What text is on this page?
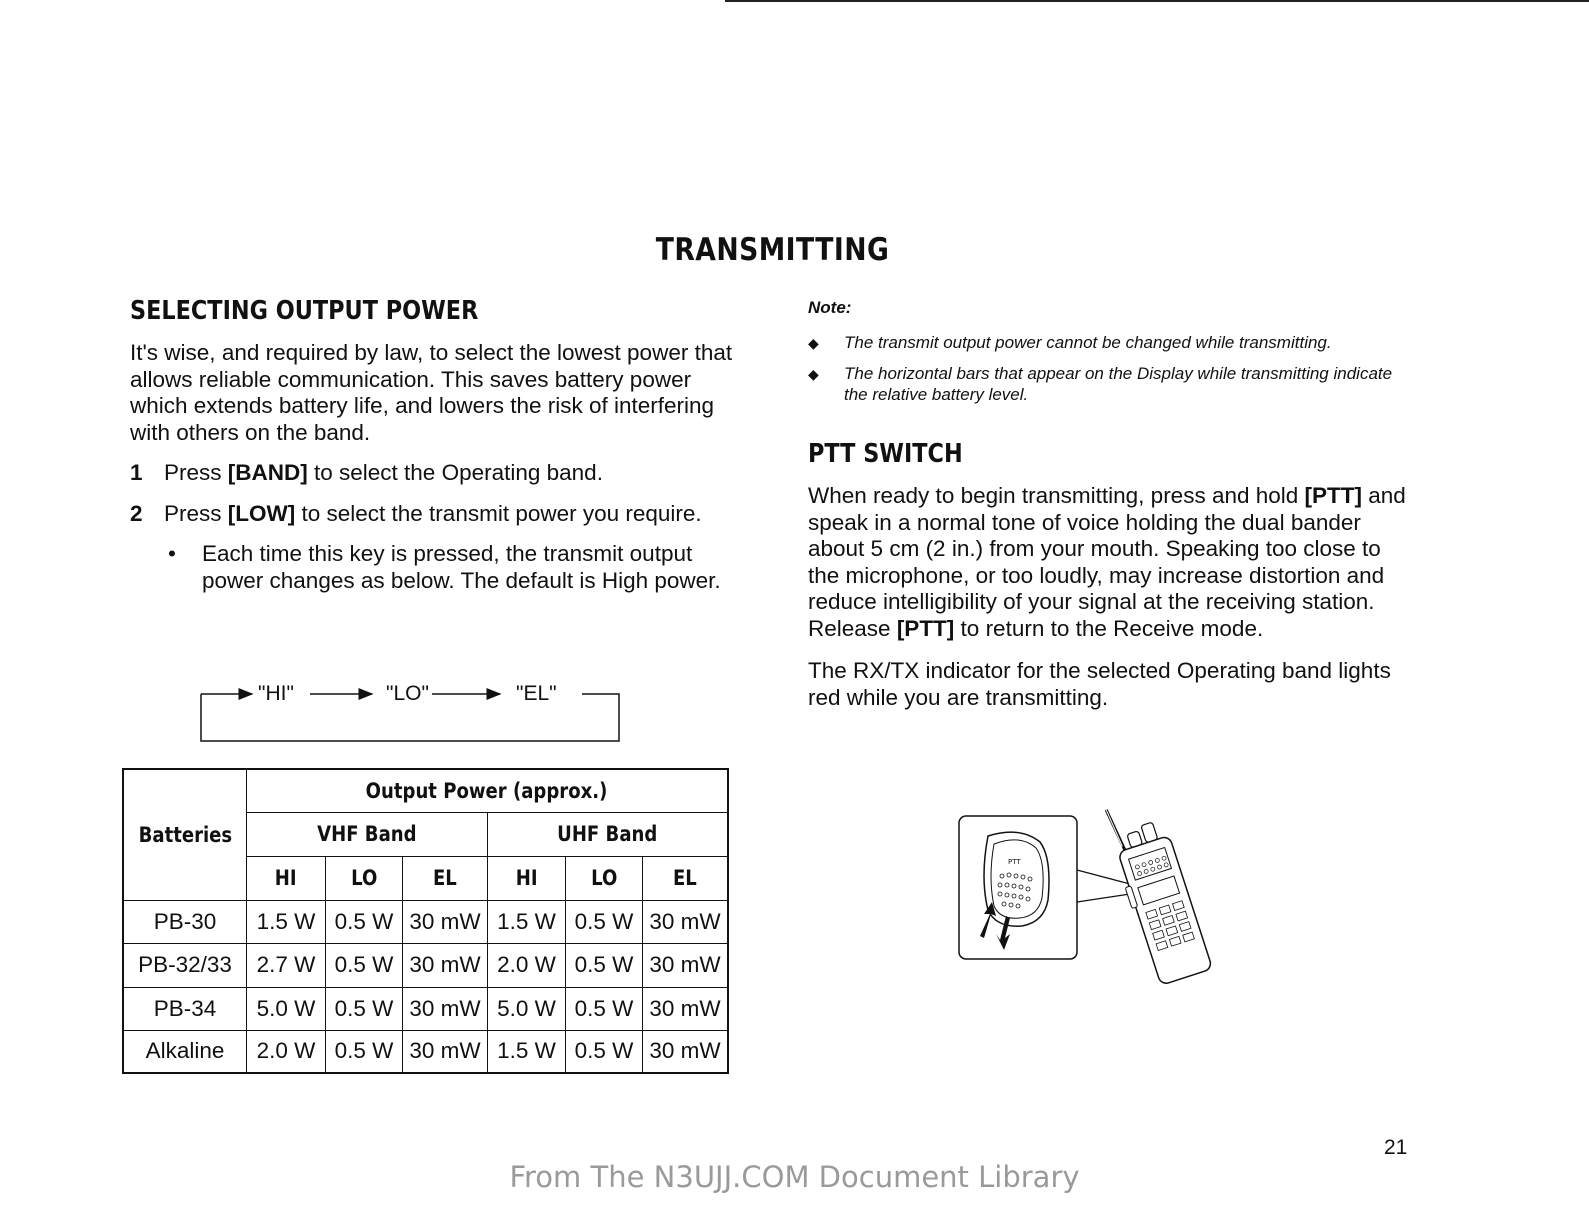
TRANSMITTING
SELECTING OUTPUT POWER

It's wise, and required by law, to select the lowest power that allows reliable communication. This saves battery power which extends battery life, and lowers the risk of interfering with others on the band.

1 Press [BAND] to select the Operating band.
2 Press [LOW] to select the transmit power you require.
•	Each time this key is pressed, the transmit output power changes as below. The default is High power.
"HI"	"LO"	"EL"
Batteries	Output Power (approx.)					
	VHF Band			UHF Band		
	HI	LO	EL	HI	LO	EL
PB-30	1.5 W	0.5 W	30 mW	1.5 W	0.5 W	30 mW
PB-32/33	2.7 W	0.5 W	30 mW	2.0 W	0.5 W	30 mW
PB-34	5.0 W	0.5 W	30 mW	5.0 W	0.5 W	30 mW
Alkaline	2.0 W	0.5 W	30 mW	1.5 W	0.5 W	30 mW
Note:
◆	The transmit output power cannot be changed while transmitting.
◆	The horizontal bars that appear on the Display while transmitting indicate the relative battery level.
PTT SWITCH

When ready to begin transmitting, press and hold [PTT] and speak in a normal tone of voice holding the dual bander about 5 cm (2 in.) from your mouth. Speaking too close to the microphone, or too loudly, may increase distortion and reduce intelligibility of your signal at the receiving station. Release [PTT] to return to the Receive mode.

The RX/TX indicator for the selected Operating band lights red while you are transmitting.

PTT
21
From The N3UJJ.COM Document Library
